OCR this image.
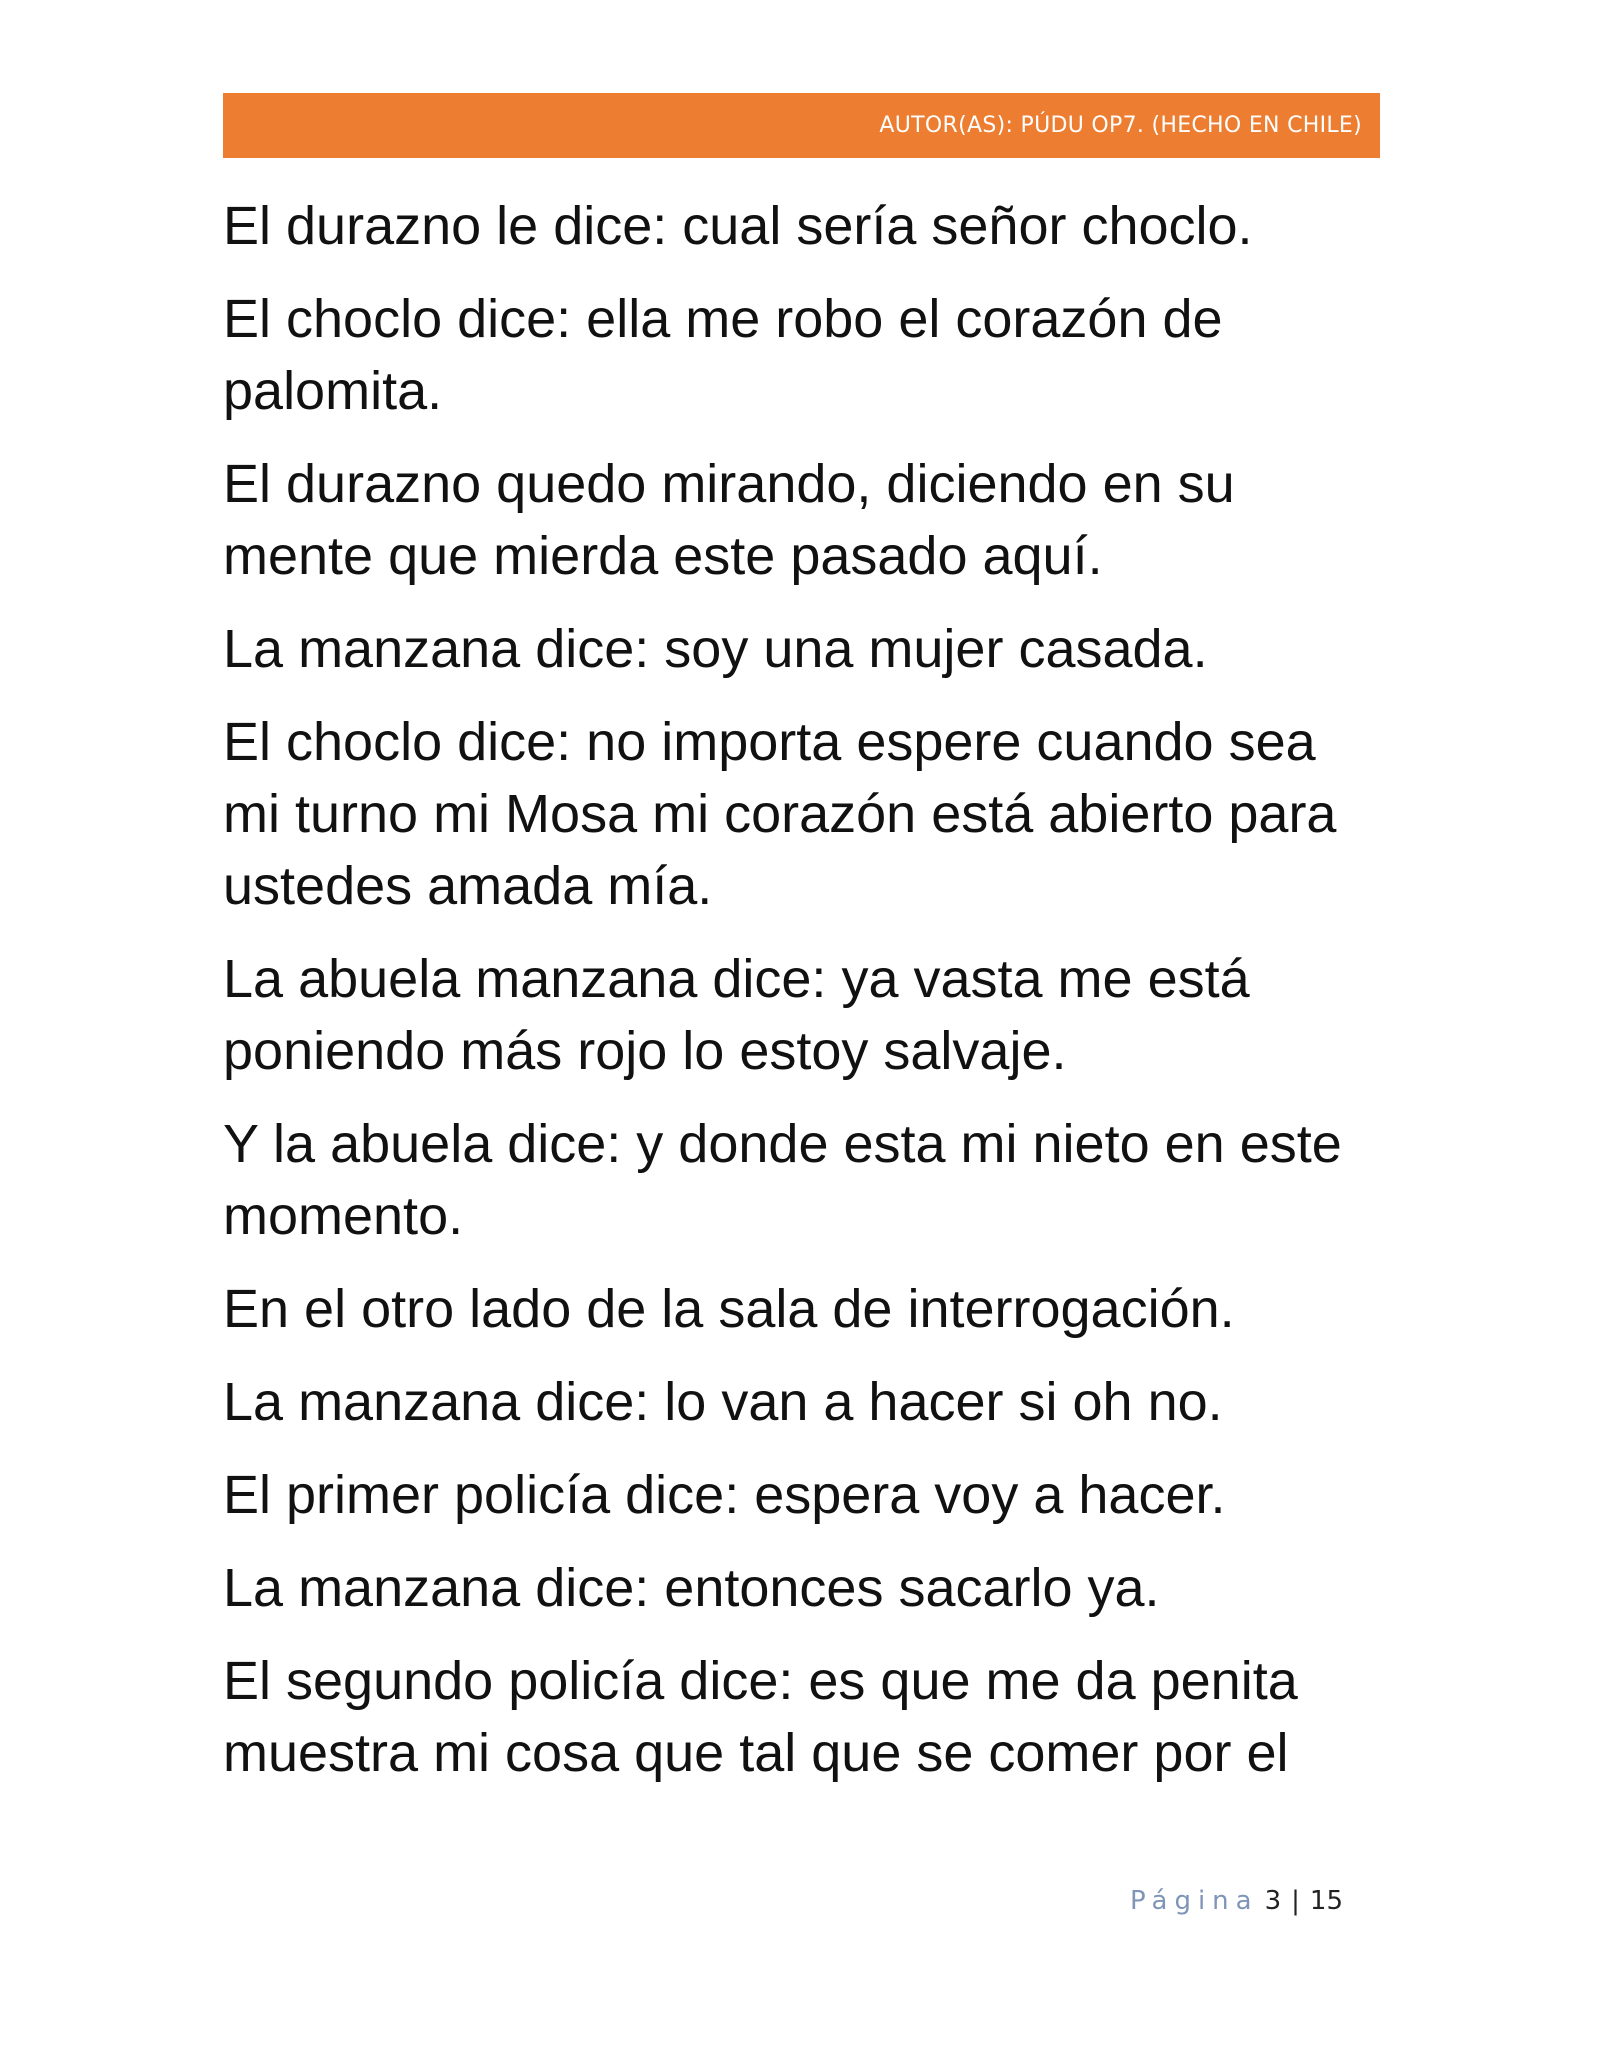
AUTOR(AS): PÚDU OP7. (HECHO EN CHILE)

El durazno le dice: cual sería señor choclo.

El choclo dice: ella me robo el corazón de palomita.

El durazno quedo mirando, diciendo en su mente que mierda este pasado aquí.

La manzana dice: soy una mujer casada.

El choclo dice: no importa espere cuando sea mi turno mi Mosa mi corazón está abierto para ustedes amada mía.

La abuela manzana dice: ya vasta me está poniendo más rojo lo estoy salvaje.

Y la abuela dice: y donde esta mi nieto en este momento.

En el otro lado de la sala de interrogación.

La manzana dice: lo van a hacer si oh no.

El primer policía dice: espera voy a hacer.

La manzana dice: entonces sacarlo ya.

El segundo policía dice: es que me da penita muestra mi cosa que tal que se comer por el

Página 3 | 15
